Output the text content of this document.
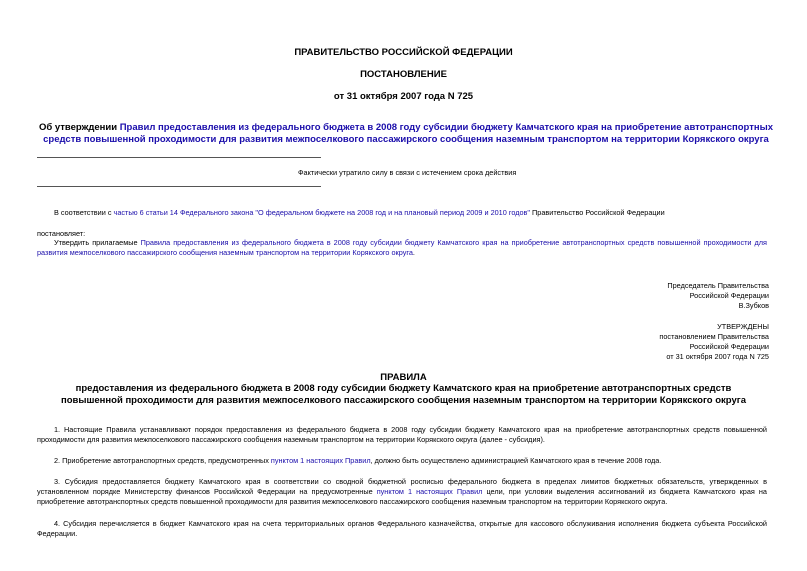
ПРАВИТЕЛЬСТВО РОССИЙСКОЙ ФЕДЕРАЦИИ
ПОСТАНОВЛЕНИЕ
от 31 октября 2007 года N 725
Об утверждении Правил предоставления из федерального бюджета в 2008 году субсидии бюджету Камчатского края на приобретение автотранспортных средств повышенной проходимости для развития межпоселкового пассажирского сообщения наземным транспортом на территории Корякского округа
Фактически утратило силу в связи с истечением срока действия
В соответствии с частью 6 статьи 14 Федерального закона "О федеральном бюджете на 2008 год и на плановый период 2009 и 2010 годов" Правительство Российской Федерации
постановляет:
Утвердить прилагаемые Правила предоставления из федерального бюджета в 2008 году субсидии бюджету Камчатского края на приобретение автотранспортных средств повышенной проходимости для развития межпоселкового пассажирского сообщения наземным транспортом на территории Корякского округа.
Председатель Правительства
Российской Федерации
В.Зубков
УТВЕРЖДЕНЫ
постановлением Правительства
Российской Федерации
от 31 октября 2007 года N 725
ПРАВИЛА
предоставления из федерального бюджета в 2008 году субсидии бюджету Камчатского края на приобретение автотранспортных средств повышенной проходимости для развития межпоселкового пассажирского сообщения наземным транспортом на территории Корякского округа
1. Настоящие Правила устанавливают порядок предоставления из федерального бюджета в 2008 году субсидии бюджету Камчатского края на приобретение автотранспортных средств повышенной проходимости для развития межпоселкового пассажирского сообщения наземным транспортом на территории Корякского округа (далее - субсидия).
2. Приобретение автотранспортных средств, предусмотренных пунктом 1 настоящих Правил, должно быть осуществлено администрацией Камчатского края в течение 2008 года.
3. Субсидия предоставляется бюджету Камчатского края в соответствии со сводной бюджетной росписью федерального бюджета в пределах лимитов бюджетных обязательств, утвержденных в установленном порядке Министерству финансов Российской Федерации на предусмотренные пунктом 1 настоящих Правил цели, при условии выделения ассигнований из бюджета Камчатского края на приобретение автотранспортных средств повышенной проходимости для развития межпоселкового пассажирского сообщения наземным транспортом на территории Корякского округа.
4. Субсидия перечисляется в бюджет Камчатского края на счета территориальных органов Федерального казначейства, открытые для кассового обслуживания исполнения бюджета субъекта Российской Федерации.
